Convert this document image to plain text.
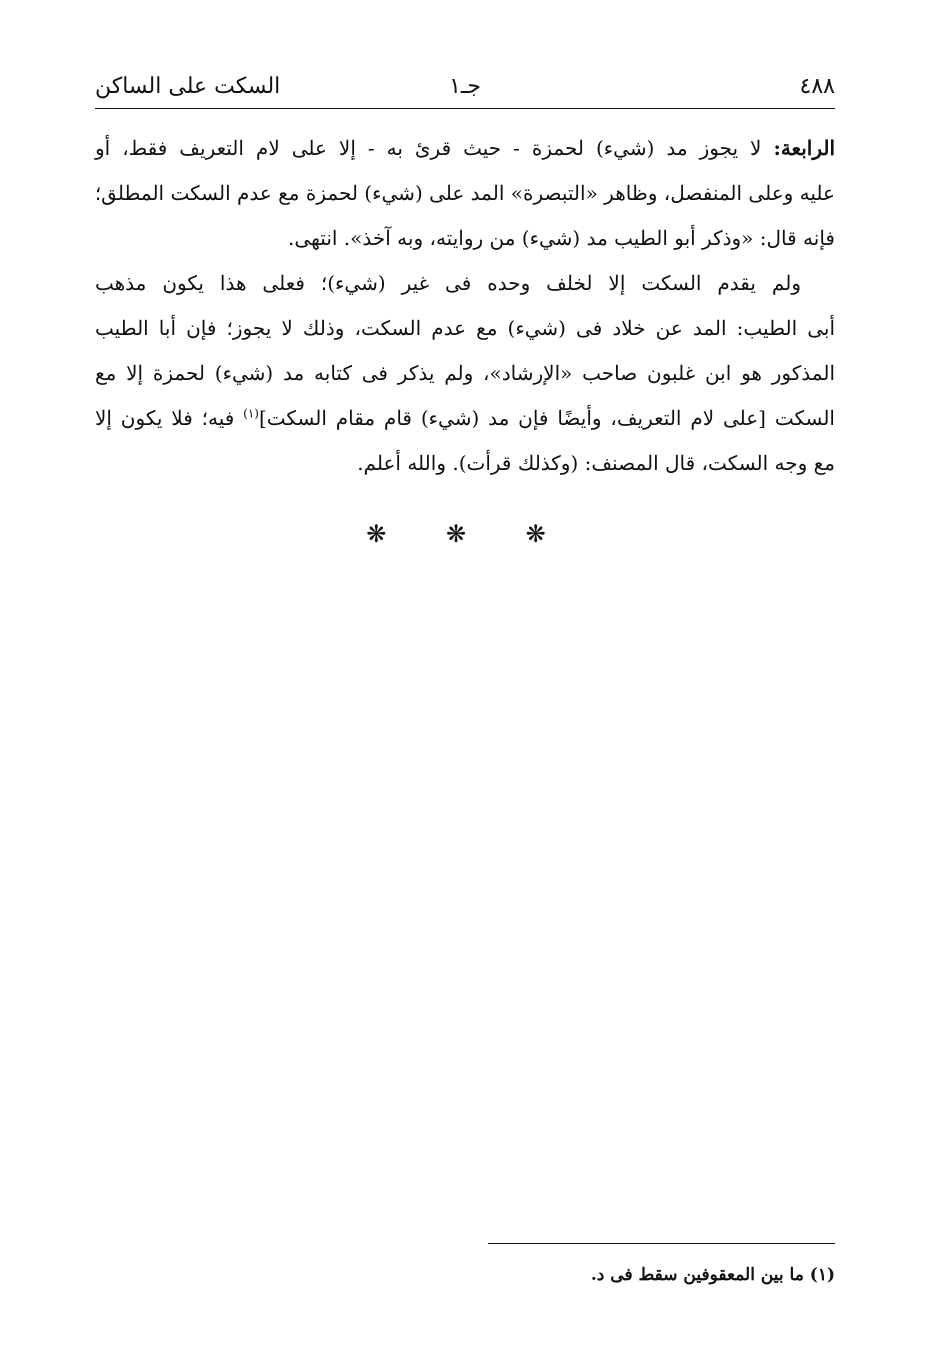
٤٨٨
جـ١
السكت على الساكن
الرابعة: لا يجوز مد (شيء) لحمزة - حيث قرئ به - إلا على لام التعريف فقط، أو
عليه وعلى المنفصل، وظاهر «التبصرة» المد على (شيء) لحمزة مع عدم السكت المطلق؛
فإنه قال: «وذكر أبو الطيب مد (شيء) من روايته، وبه آخذ». انتهى.
ولم يقدم السكت إلا لخلف وحده فى غير (شيء)؛ فعلى هذا يكون مذهب
أبى الطيب: المد عن خلاد فى (شيء) مع عدم السكت، وذلك لا يجوز؛ فإن أبا الطيب
المذكور هو ابن غلبون صاحب «الإرشاد»، ولم يذكر فى كتابه مد (شيء) لحمزة إلا مع
السكت [على لام التعريف، وأيضًا فإن مد (شيء) قام مقام السكت]$^{(١)}$ فيه؛ فلا يكون إلا
مع وجه السكت، قال المصنف: (وكذلك قرأت). والله أعلم.
❋ ❋ ❋
(١) ما بين المعقوفين سقط فى د.
